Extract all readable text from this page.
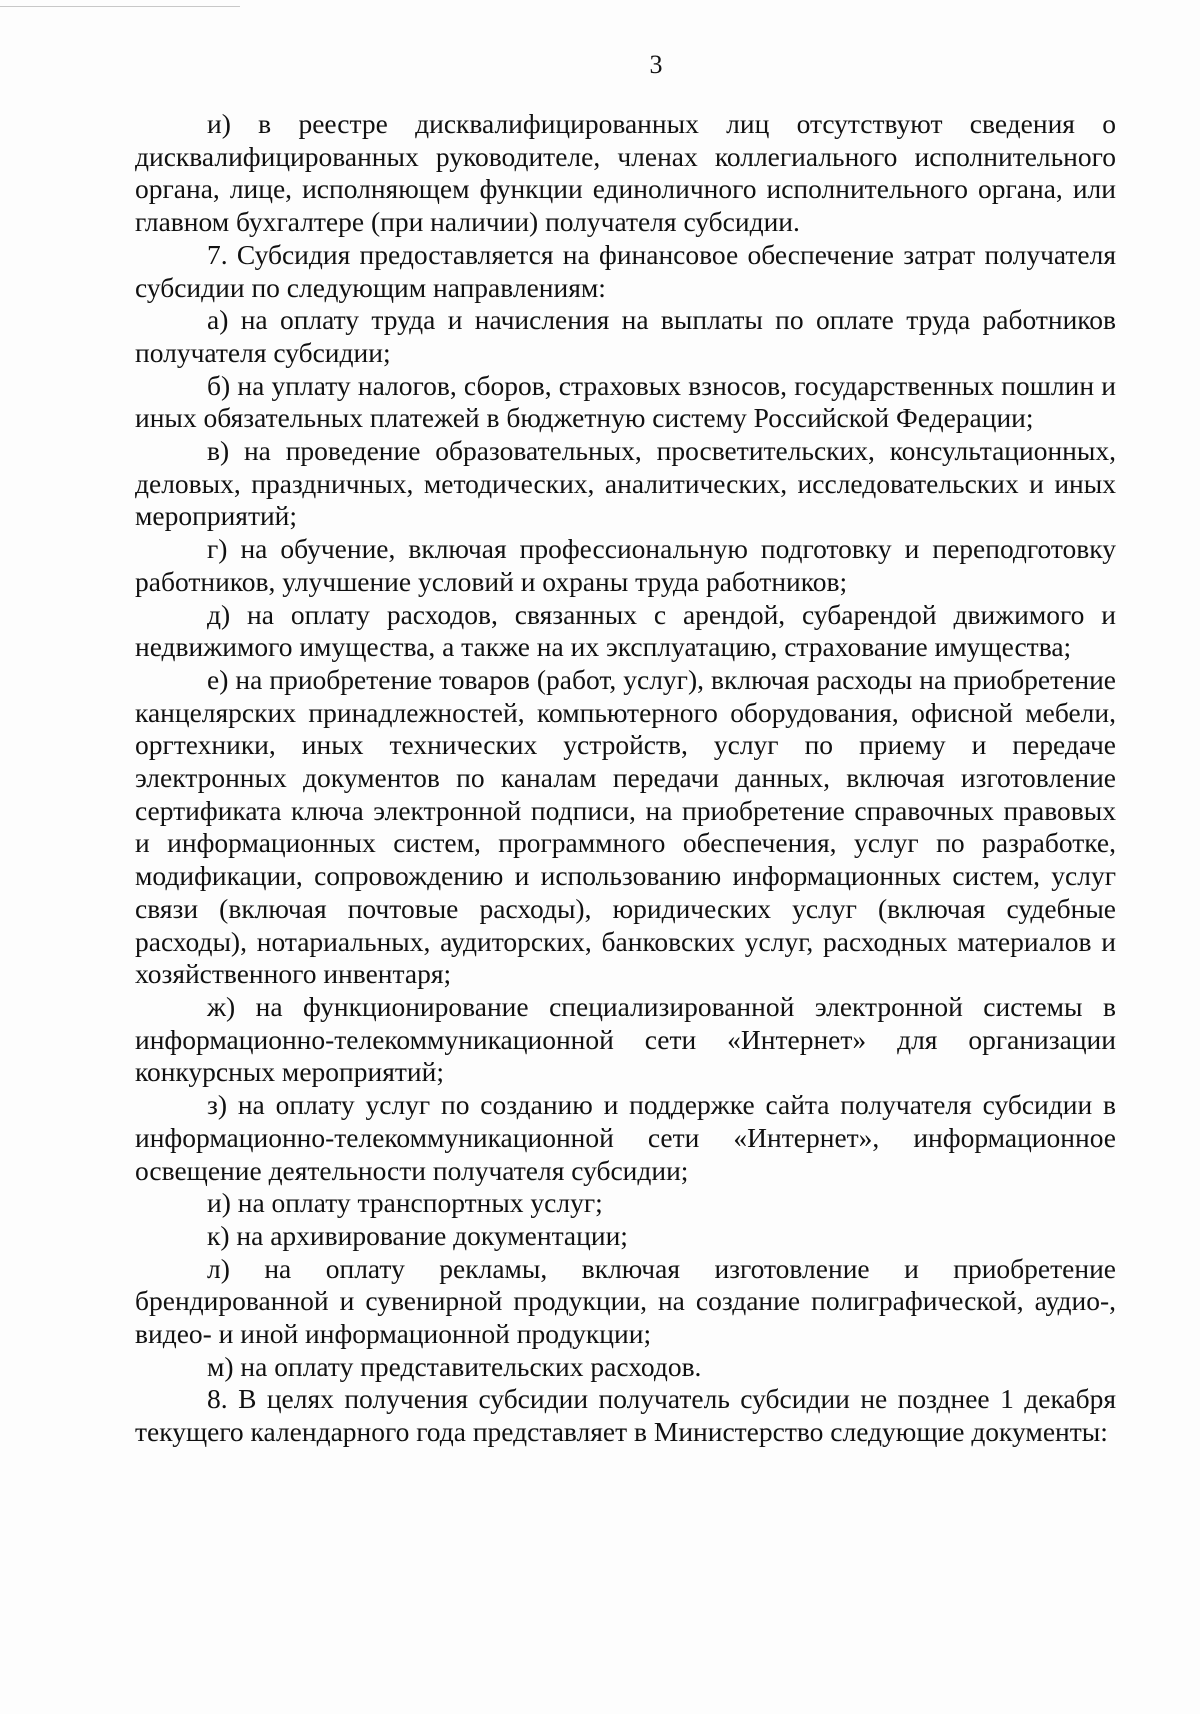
3

и) в реестре дисквалифицированных лиц отсутствуют сведения о дисквалифицированных руководителе, членах коллегиального исполнительного органа, лице, исполняющем функции единоличного исполнительного органа, или главном бухгалтере (при наличии) получателя субсидии.

7. Субсидия предоставляется на финансовое обеспечение затрат получателя субсидии по следующим направлениям:

а) на оплату труда и начисления на выплаты по оплате труда работников получателя субсидии;

б) на уплату налогов, сборов, страховых взносов, государственных пошлин и иных обязательных платежей в бюджетную систему Российской Федерации;

в) на проведение образовательных, просветительских, консультационных, деловых, праздничных, методических, аналитических, исследовательских и иных мероприятий;

г) на обучение, включая профессиональную подготовку и переподготовку работников, улучшение условий и охраны труда работников;

д) на оплату расходов, связанных с арендой, субарендой движимого и недвижимого имущества, а также на их эксплуатацию, страхование имущества;

е) на приобретение товаров (работ, услуг), включая расходы на приобретение канцелярских принадлежностей, компьютерного оборудования, офисной мебели, оргтехники, иных технических устройств, услуг по приему и передаче электронных документов по каналам передачи данных, включая изготовление сертификата ключа электронной подписи, на приобретение справочных правовых и информационных систем, программного обеспечения, услуг по разработке, модификации, сопровождению и использованию информационных систем, услуг связи (включая почтовые расходы), юридических услуг (включая судебные расходы), нотариальных, аудиторских, банковских услуг, расходных материалов и хозяйственного инвентаря;

ж) на функционирование специализированной электронной системы в информационно-телекоммуникационной сети «Интернет» для организации конкурсных мероприятий;

з) на оплату услуг по созданию и поддержке сайта получателя субсидии в информационно-телекоммуникационной сети «Интернет», информационное освещение деятельности получателя субсидии;

и) на оплату транспортных услуг;

к) на архивирование документации;

л) на оплату рекламы, включая изготовление и приобретение брендированной и сувенирной продукции, на создание полиграфической, аудио-, видео- и иной информационной продукции;

м) на оплату представительских расходов.

8. В целях получения субсидии получатель субсидии не позднее 1 декабря текущего календарного года представляет в Министерство следующие документы:
